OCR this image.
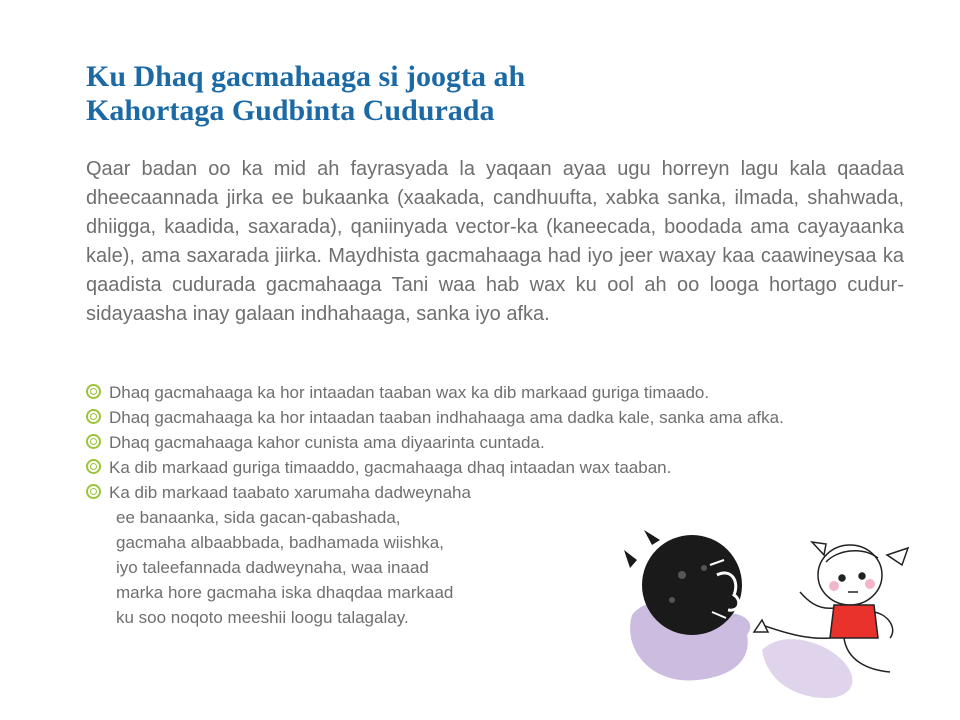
Ku Dhaq gacmahaaga si joogta ah
Kahortaga Gudbinta Cudurada
Qaar badan oo ka mid ah fayrasyada la yaqaan ayaa ugu horreyn lagu kala qaadaa dheecaannada jirka ee bukaanka (xaakada, candhuufta, xabka sanka, ilmada, shahwada, dhiigga, kaadida, saxarada), qaniinyada vector-ka (kaneecada, boodada ama cayayaanka kale), ama saxarada jiirka. Maydhista gacmahaaga had iyo jeer waxay kaa caawineysaa ka qaadista cudurada gacmahaaga Tani waa hab wax ku ool ah oo looga hortago cudur-sidayaasha inay galaan indhahaaga, sanka iyo afka.

Dhaq gacmahaaga ka hor intaadan taaban wax ka dib markaad guriga timaado.

Dhaq gacmahaaga ka hor intaadan taaban indhahaaga ama dadka kale, sanka ama afka.

Dhaq gacmahaaga kahor cunista ama diyaarinta cuntada.

Ka dib markaad guriga timaaddo, gacmahaaga dhaq intaadan wax taaban.

Ka dib markaad taabato xarumaha dadweynaha
ee banaanka, sida gacan-qabashada,
gacmaha albaabbada, badhamada wiishka,
iyo taleefannada dadweynaha, waa inaad
marka hore gacmaha iska dhaqdaa markaad
ku soo noqoto meeshii loogu talagalay.
